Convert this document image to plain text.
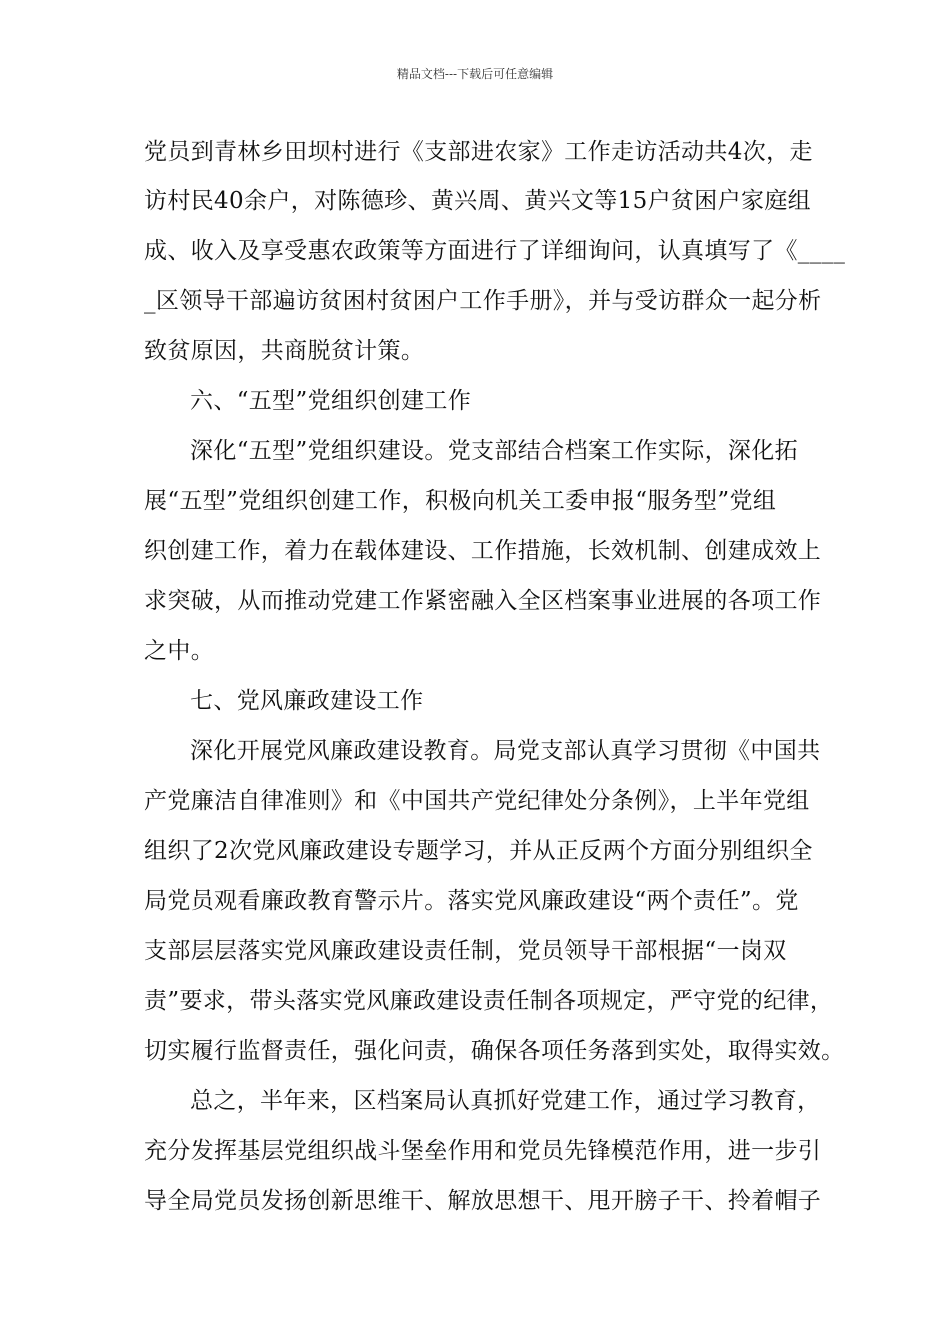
精品文档---下载后可任意编辑
党员到青林乡田坝村进行《支部进农家》工作走访活动共4次，走
访村民40余户，对陈德珍、黄兴周、黄兴文等15户贫困户家庭组
成、收入及享受惠农政策等方面进行了详细询问，认真填写了《____
_区领导干部遍访贫困村贫困户工作手册》，并与受访群众一起分析
致贫原因，共商脱贫计策。
六、“五型”党组织创建工作
深化“五型”党组织建设。党支部结合档案工作实际，深化拓
展“五型”党组织创建工作，积极向机关工委申报“服务型”党组
织创建工作，着力在载体建设、工作措施，长效机制、创建成效上
求突破，从而推动党建工作紧密融入全区档案事业进展的各项工作
之中。
七、党风廉政建设工作
深化开展党风廉政建设教育。局党支部认真学习贯彻《中国共
产党廉洁自律准则》和《中国共产党纪律处分条例》，上半年党组
组织了2次党风廉政建设专题学习，并从正反两个方面分别组织全
局党员观看廉政教育警示片。落实党风廉政建设“两个责任”。党
支部层层落实党风廉政建设责任制，党员领导干部根据“一岗双
责”要求，带头落实党风廉政建设责任制各项规定，严守党的纪律，
切实履行监督责任，强化问责，确保各项任务落到实处，取得实效。
总之，半年来，区档案局认真抓好党建工作，通过学习教育，
充分发挥基层党组织战斗堡垒作用和党员先锋模范作用，进一步引
导全局党员发扬创新思维干、解放思想干、甩开膀子干、拎着帽子
